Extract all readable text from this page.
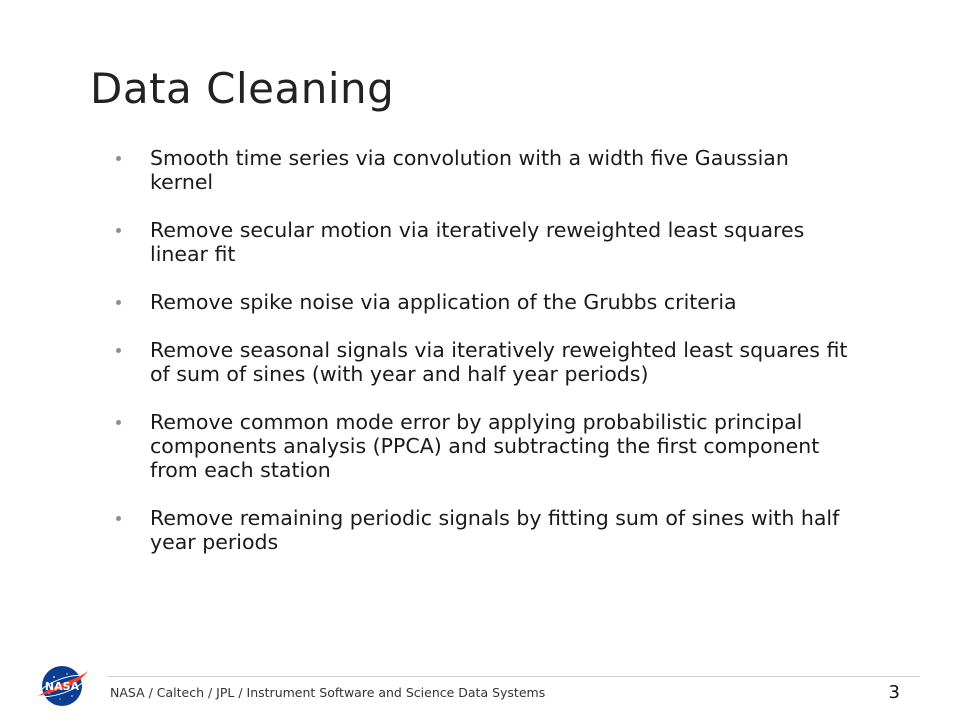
Data Cleaning
Smooth time series via convolution with a width five Gaussian kernel
Remove secular motion via iteratively reweighted least squares linear fit
Remove spike noise via application of the Grubbs criteria
Remove seasonal signals via iteratively reweighted least squares fit of sum of sines (with year and half year periods)
Remove common mode error by applying probabilistic principal components analysis (PPCA) and subtracting the first component from each station
Remove remaining periodic signals by fitting sum of sines with half year periods
NASA NASA / Caltech / JPL / Instrument Software and Science Data Systems	3
